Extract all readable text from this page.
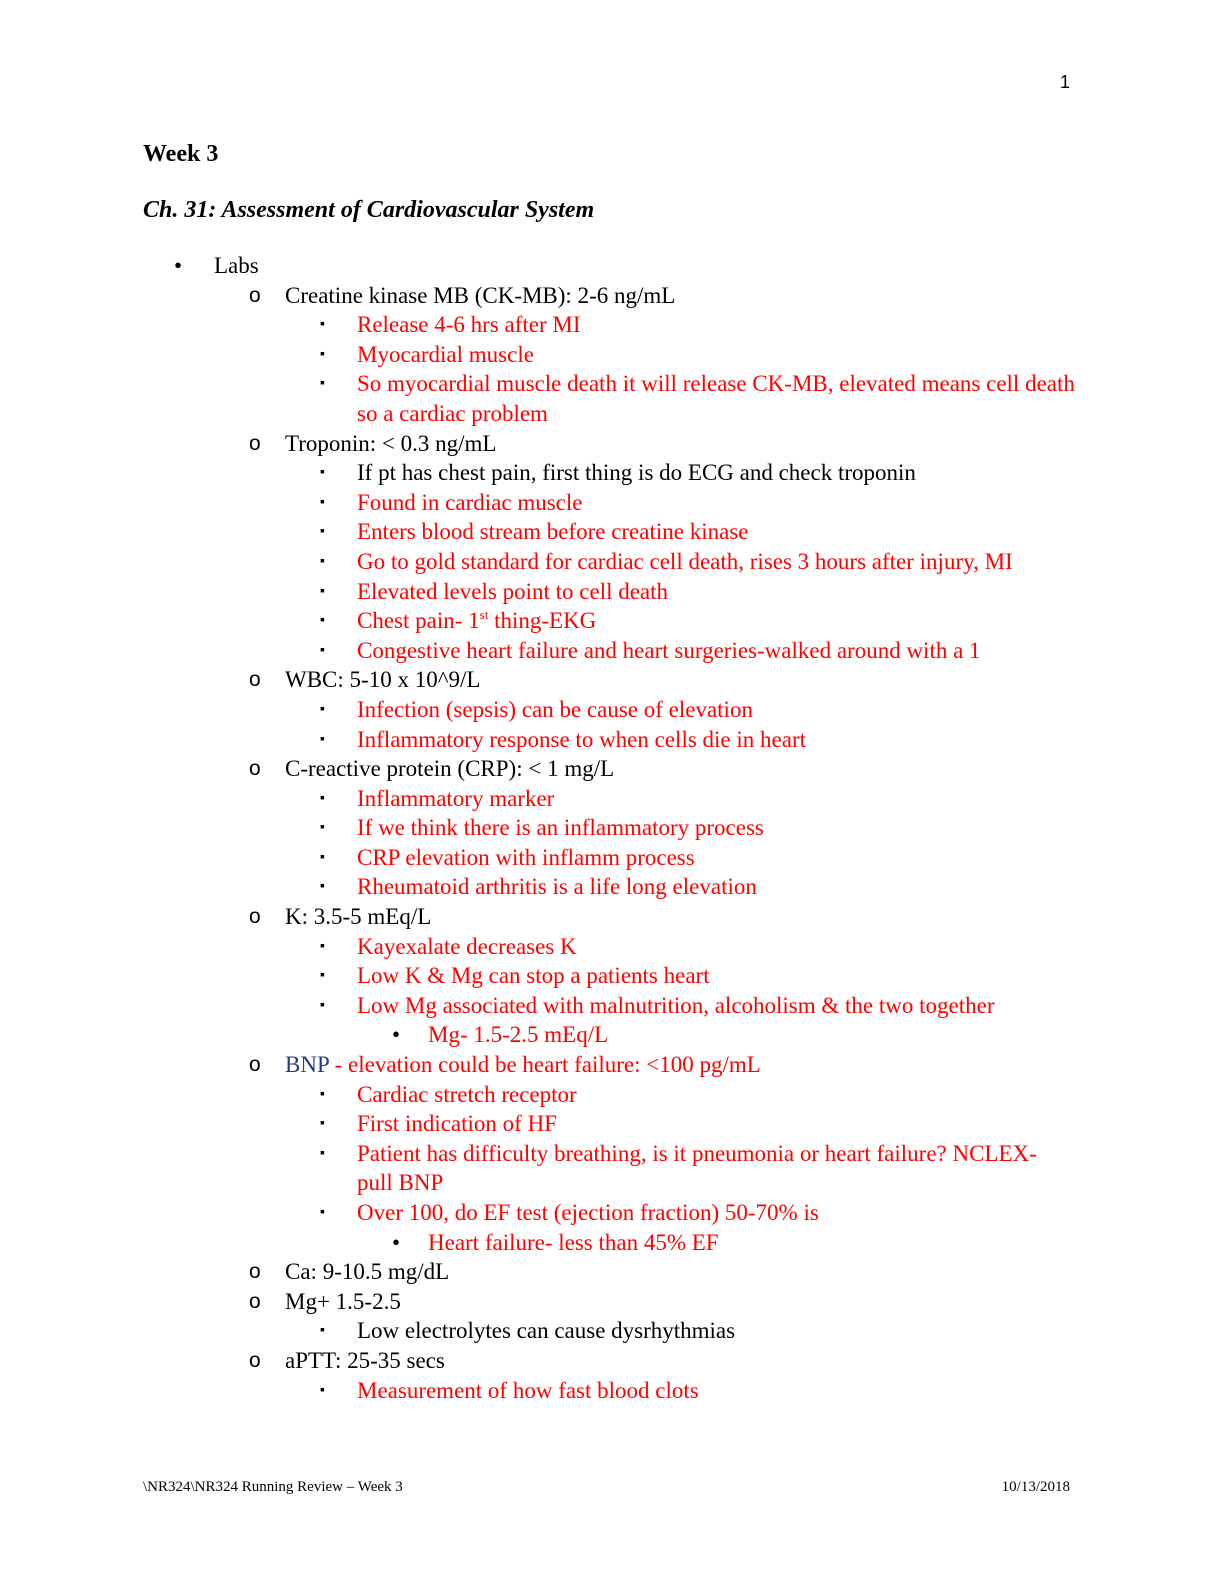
1
Week 3
Ch. 31: Assessment of Cardiovascular System
• Labs
o Creatine kinase MB (CK-MB): 2-6 ng/mL
▪ Release 4-6 hrs after MI
▪ Myocardial muscle
▪ So myocardial muscle death it will release CK-MB, elevated means cell death so a cardiac problem
o Troponin: < 0.3 ng/mL
▪ If pt has chest pain, first thing is do ECG and check troponin
▪ Found in cardiac muscle
▪ Enters blood stream before creatine kinase
▪ Go to gold standard for cardiac cell death, rises 3 hours after injury, MI
▪ Elevated levels point to cell death
▪ Chest pain- 1st thing-EKG
▪ Congestive heart failure and heart surgeries-walked around with a 1
o WBC: 5-10 x 10^9/L
▪ Infection (sepsis) can be cause of elevation
▪ Inflammatory response to when cells die in heart
o C-reactive protein (CRP): < 1 mg/L
▪ Inflammatory marker
▪ If we think there is an inflammatory process
▪ CRP elevation with inflamm process
▪ Rheumatoid arthritis is a life long elevation
o K: 3.5-5 mEq/L
▪ Kayexalate decreases K
▪ Low K & Mg can stop a patients heart
▪ Low Mg associated with malnutrition, alcoholism & the two together
• Mg- 1.5-2.5 mEq/L
o BNP - elevation could be heart failure: <100 pg/mL
▪ Cardiac stretch receptor
▪ First indication of HF
▪ Patient has difficulty breathing, is it pneumonia or heart failure? NCLEX- pull BNP
▪ Over 100, do EF test (ejection fraction) 50-70% is
• Heart failure- less than 45% EF
o Ca: 9-10.5 mg/dL
o Mg+ 1.5-2.5
▪ Low electrolytes can cause dysrhythmias
o aPTT: 25-35 secs
▪ Measurement of how fast blood clots
\NR324\NR324 Running Review – Week 3	10/13/2018
